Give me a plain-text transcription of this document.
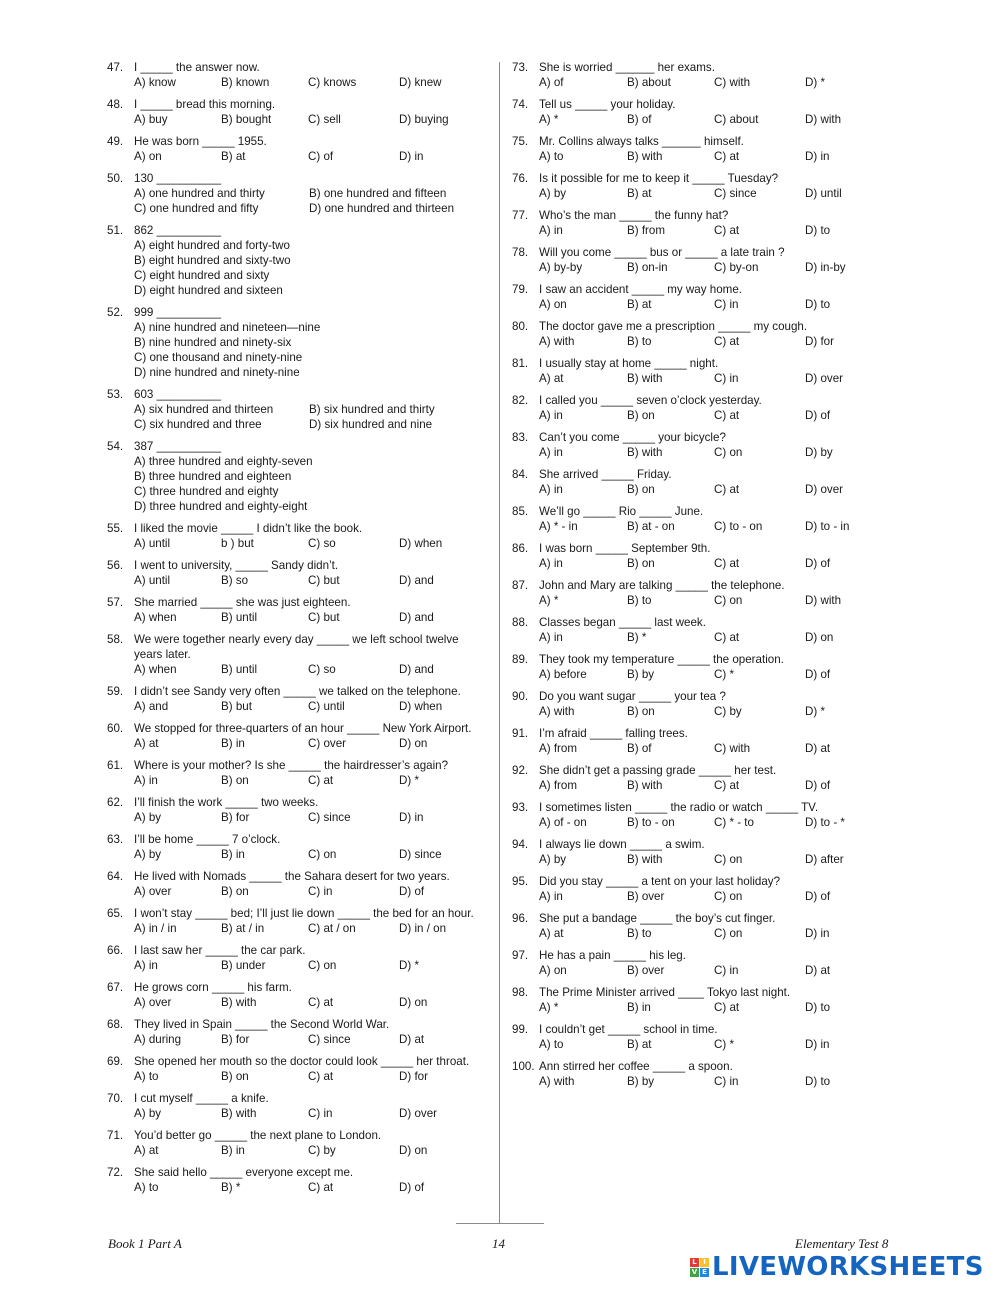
47. I _____ the answer now.
A) know	B) known	C) knows	D) knew
48. I _____ bread this morning.
A) buy	B) bought	C) sell	D) buying
49. He was born _____ 1955.
A) on	B) at	C) of	D) in
50. 130 __________
A) one hundred and thirty	B) one hundred and fifteen
C) one hundred and fifty	D) one hundred and thirteen
51. 862 __________
A) eight hundred and forty-two
B) eight hundred and sixty-two
C) eight hundred and sixty
D) eight hundred and sixteen
52. 999 __________
A) nine hundred and nineteen—nine
B) nine hundred and ninety-six
C) one thousand and ninety-nine
D) nine hundred and ninety-nine
53. 603 __________
A) six hundred and thirteen	B) six hundred and thirty
C) six hundred and three	D) six hundred and nine
54. 387 __________
A) three hundred and eighty-seven
B) three hundred and eighteen
C) three hundred and eighty
D) three hundred and eighty-eight
55. I liked the movie _____ I didn’t like the book.
A) until	b ) but	C) so	D) when
56. I went to university, _____ Sandy didn’t.
A) until	B) so	C) but	D) and
57. She married _____ she was just eighteen.
A) when	B) until	C) but	D) and
58. We were together nearly every day _____ we left school twelve
years later.
A) when	B) until	C) so	D) and
59. I didn’t see Sandy very often _____ we talked on the telephone.
A) and	B) but	C) until	D) when
60. We stopped for three-quarters of an hour _____ New York Airport.
A) at	B) in	C) over	D) on
61. Where is your mother? Is she _____ the hairdresser’s again?
A) in	B) on	C) at	D) *
62. I’ll finish the work _____ two weeks.
A) by	B) for	C) since	D) in
63. I’ll be home _____ 7 o’clock.
A) by	B) in	C) on	D) since
64. He lived with Nomads _____ the Sahara desert for two years.
A) over	B) on	C) in	D) of
65. I won’t stay _____ bed; I’ll just lie down _____ the bed for an hour.
A) in / in	B) at / in	C) at / on	D) in / on
66. I last saw her _____ the car park.
A) in	B) under	C) on	D) *
67. He grows corn _____ his farm.
A) over	B) with	C) at	D) on
68. They lived in Spain _____ the Second World War.
A) during	B) for	C) since	D) at
69. She opened her mouth so the doctor could look _____ her throat.
A) to	B) on	C) at	D) for
70. I cut myself _____ a knife.
A) by	B) with	C) in	D) over
71. You’d better go _____ the next plane to London.
A) at	B) in	C) by	D) on
72. She said hello _____ everyone except me.
A) to	B) *	C) at	D) of
73. She is worried ______ her exams.
A) of	B) about	C) with	D) *
74. Tell us _____ your holiday.
A) *	B) of	C) about	D) with
75. Mr. Collins always talks ______ himself.
A) to	B) with	C) at	D) in
76. Is it possible for me to keep it _____ Tuesday?
A) by	B) at	C) since	D) until
77. Who’s the man _____ the funny hat?
A) in	B) from	C) at	D) to
78. Will you come _____ bus or _____ a late train ?
A) by-by	B) on-in	C) by-on	D) in-by
79. I saw an accident _____ my way home.
A) on	B) at	C) in	D) to
80. The doctor gave me a prescription _____ my cough.
A) with	B) to	C) at	D) for
81. I usually stay at home _____ night.
A) at	B) with	C) in	D) over
82. I called you _____ seven o’clock yesterday.
A) in	B) on	C) at	D) of
83. Can’t you come _____ your bicycle?
A) in	B) with	C) on	D) by
84. She arrived _____ Friday.
A) in	B) on	C) at	D) over
85. We’ll go _____ Rio _____ June.
A) * - in	B) at - on	C) to - on	D) to - in
86. I was born _____ September 9th.
A) in	B) on	C) at	D) of
87. John and Mary are talking _____ the telephone.
A) *	B) to	C) on	D) with
88. Classes began _____ last week.
A) in	B) *	C) at	D) on
89. They took my temperature _____ the operation.
A) before	B) by	C) *	D) of
90. Do you want sugar _____ your tea ?
A) with	B) on	C) by	D) *
91. I’m afraid _____ falling trees.
A) from	B) of	C) with	D) at
92. She didn’t get a passing grade _____ her test.
A) from	B) with	C) at	D) of
93. I sometimes listen _____ the radio or watch _____ TV.
A) of - on	B) to - on	C) * - to	D) to - *
94. I always lie down _____ a swim.
A) by	B) with	C) on	D) after
95. Did you stay _____ a tent on your last holiday?
A) in	B) over	C) on	D) of
96. She put a bandage _____ the boy’s cut finger.
A) at	B) to	C) on	D) in
97. He has a pain _____ his leg.
A) on	B) over	C) in	D) at
98. The Prime Minister arrived ____ Tokyo last night.
A) *	B) in	C) at	D) to
99. I couldn’t get _____ school in time.
A) to	B) at	C) *	D) in
100. Ann stirred her coffee _____ a spoon.
A) with	B) by	C) in	D) to
Book 1 Part A	14	Elementary Test 8
L I
V E LIVEWORKSHEETS
